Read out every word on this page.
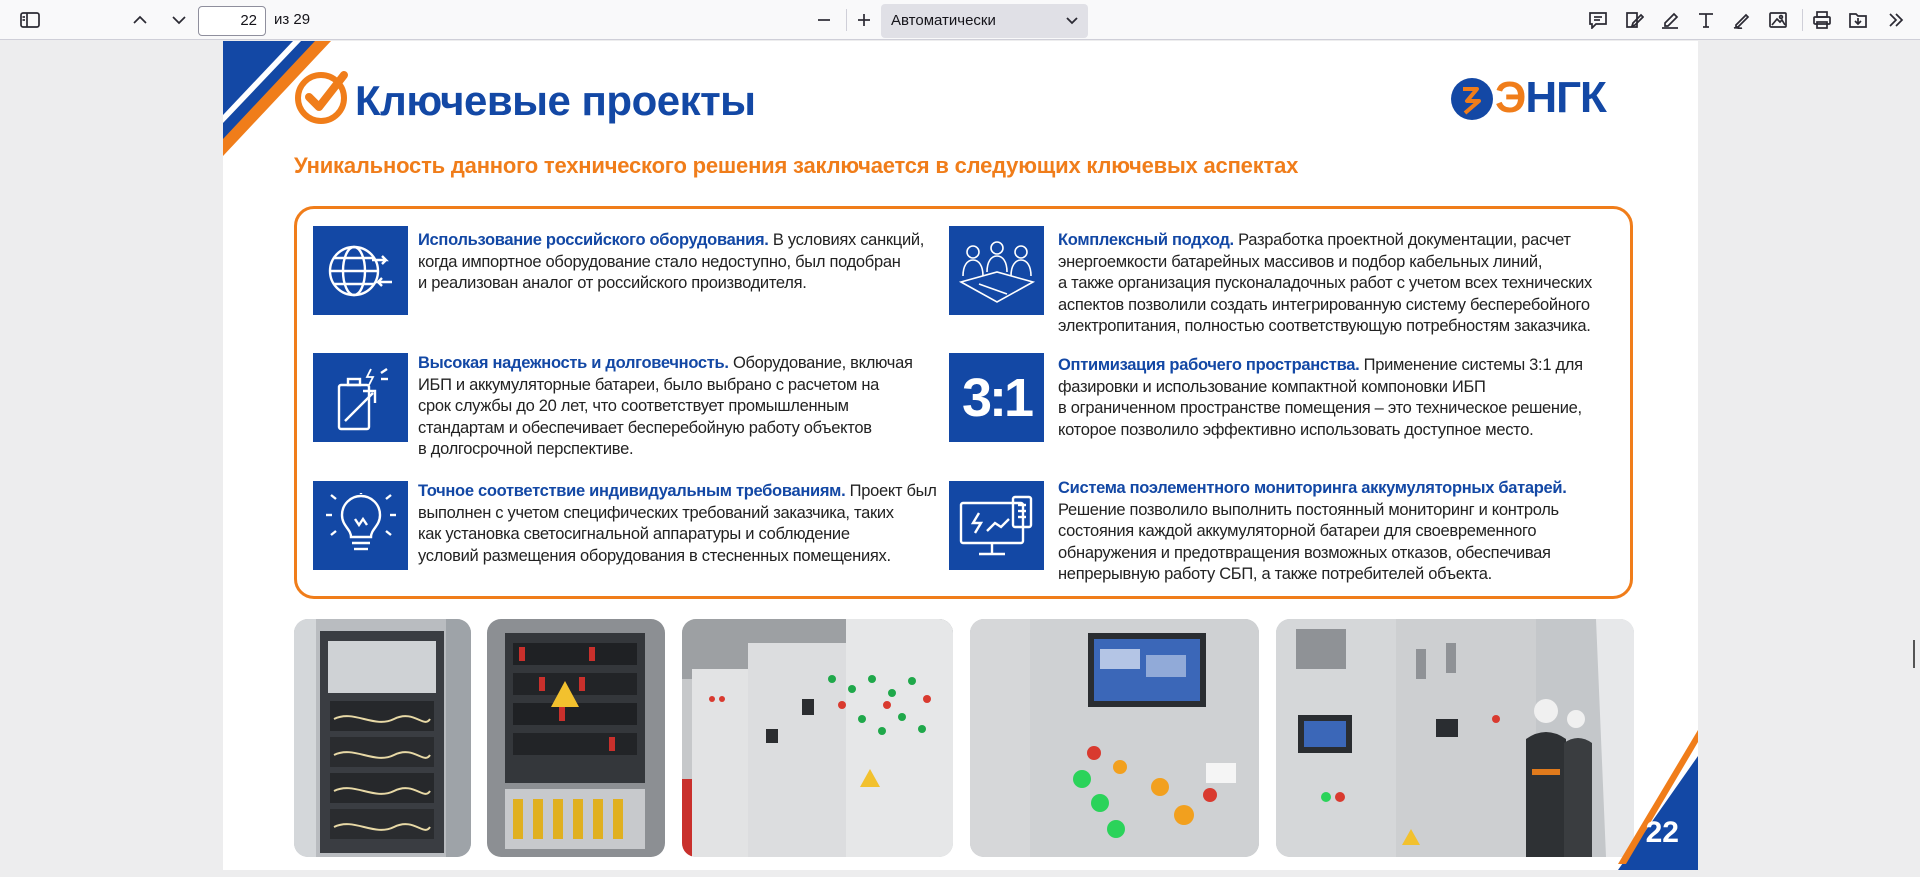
22	из 29	Автоматически
Ключевые проекты	ЭНГК
Уникальность данного технического решения заключается в следующих ключевых аспектах
Использование российского оборудования. В условиях санкций,
когда импортное оборудование стало недоступно, был подобран
и реализован аналог от российского производителя.
Комплексный подход. Разработка проектной документации, расчет
энергоемкости батарейных массивов и подбор кабельных линий,
а также организация пусконаладочных работ с учетом всех технических
аспектов позволили создать интегрированную систему бесперебойного
электропитания, полностью соответствующую потребностям заказчика.
Высокая надежность и долговечность. Оборудование, включая
ИБП и аккумуляторные батареи, было выбрано с расчетом на
срок службы до 20 лет, что соответствует промышленным
стандартам и обеспечивает бесперебойную работу объектов
в долгосрочной перспективе.
3:1
Оптимизация рабочего пространства. Применение системы 3:1 для
фазировки и использование компактной компоновки ИБП
в ограниченном пространстве помещения – это техническое решение,
которое позволило эффективно использовать доступное место.
Точное соответствие индивидуальным требованиям. Проект был
выполнен с учетом специфических требований заказчика, таких
как установка светосигнальной аппаратуры и соблюдение
условий размещения оборудования в стесненных помещениях.
Система поэлементного мониторинга аккумуляторных батарей.
Решение позволило выполнить постоянный мониторинг и контроль
состояния каждой аккумуляторной батареи для своевременного
обнаружения и предотвращения возможных отказов, обеспечивая
непрерывную работу СБП, а также потребителей объекта.
22
